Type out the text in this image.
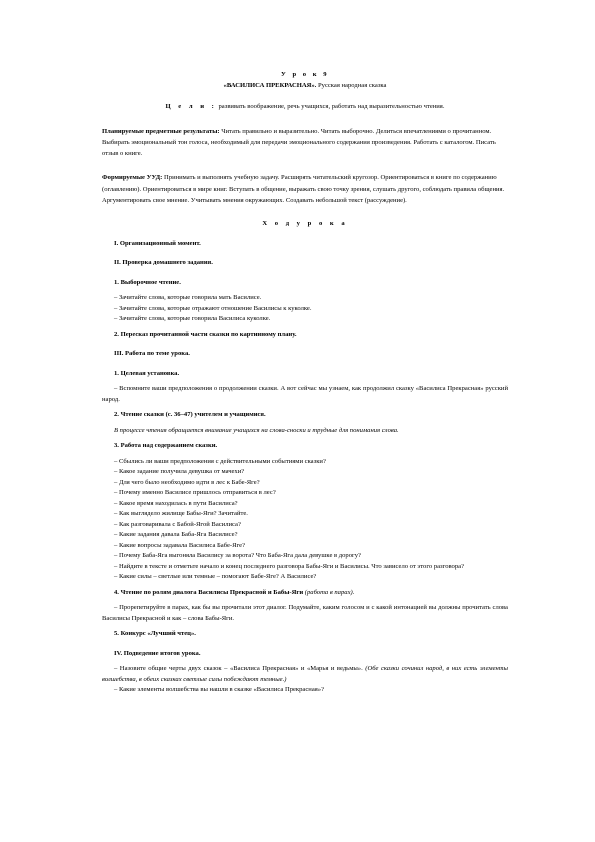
У р о к 9

«ВАСИЛИСА ПРЕКРАСНАЯ». Русская народная сказка

Ц е л и : развивать воображение, речь учащихся, работать над выразительностью чтения.

Планируемые предметные результаты: Читать правильно и выразительно. Читать выборочно. Делиться впечатлениями о прочитанном. Выбирать эмоциональный тон голоса, необходимый для передачи эмоционального содержания произведения. Работать с каталогом. Писать отзыв о книге.

Формируемые УУД: Принимать и выполнять учебную задачу. Расширять читательский кругозор. Ориентироваться в книге по содержанию (оглавлению). Ориентироваться в мире книг. Вступать в общение, выражать свою точку зрения, слушать другого, соблюдать правила общения. Аргументировать свое мнение. Учитывать мнения окружающих. Создавать небольшой текст (рассуждение).

Х о д у р о к а

I. Организационный момент.

II. Проверка домашнего задания.

1. Выборочное чтение.

– Зачитайте слова, которые говорила мать Василисе.

– Зачитайте слова, которые отражают отношение Василисы к куколке.

– Зачитайте слова, которые говорила Василиса куколке.

2. Пересказ прочитанной части сказки по картинному плану.

III. Работа по теме урока.

1. Целевая установка.

– Вспомните ваши предположения о продолжении сказки. А вот сейчас мы узнаем, как продолжил сказку «Василиса Прекрасная» русский народ.

2. Чтение сказки (с. 36–47) учителем и учащимися.

В процессе чтения обращается внимание учащихся на слова-сноски и трудные для понимания слова.

3. Работа над содержанием сказки.

– Сбылись ли ваши предположения с действительными событиями сказки?

– Какое задание получила девушка от мачехи?

– Для чего было необходимо идти в лес к Бабе-Яге?

– Почему именно Василисе пришлось отправиться в лес?

– Какое время находилась в пути Василиса?

– Как выглядело жилище Бабы-Яги? Зачитайте.

– Как разговаривала с Бабой-Ягой Василиса?

– Какие задания давала Баба-Яга Василисе?

– Какие вопросы задавала Василиса Бабе-Яге?

– Почему Баба-Яга выгоняла Василису за ворота? Что Баба-Яга дала девушке в дорогу?

– Найдите в тексте и отметьте начало и конец последнего разговора Бабы-Яги и Василисы. Что зависело от этого разговора?

– Какие силы – светлые или темные – помогают Бабе-Яге? А Василисе?

4. Чтение по ролям диалога Василисы Прекрасной и Бабы-Яги (работа в парах).

– Прорепетируйте в парах, как бы вы прочитали этот диалог. Подумайте, каким голосом и с какой интонацией вы должны прочитать слова Василисы Прекрасной и как – слова Бабы-Яги.

5. Конкурс «Лучший чтец».

IV. Подведение итогов урока.

– Назовите общие черты двух сказок – «Василиса Прекрасная» и «Марья и ведьмы». (Обе сказки сочинил народ, в них есть элементы волшебства, в обеих сказках светлые силы побеждают темные.)

– Какие элементы волшебства вы нашли в сказке «Василиса Прекрасная»?
